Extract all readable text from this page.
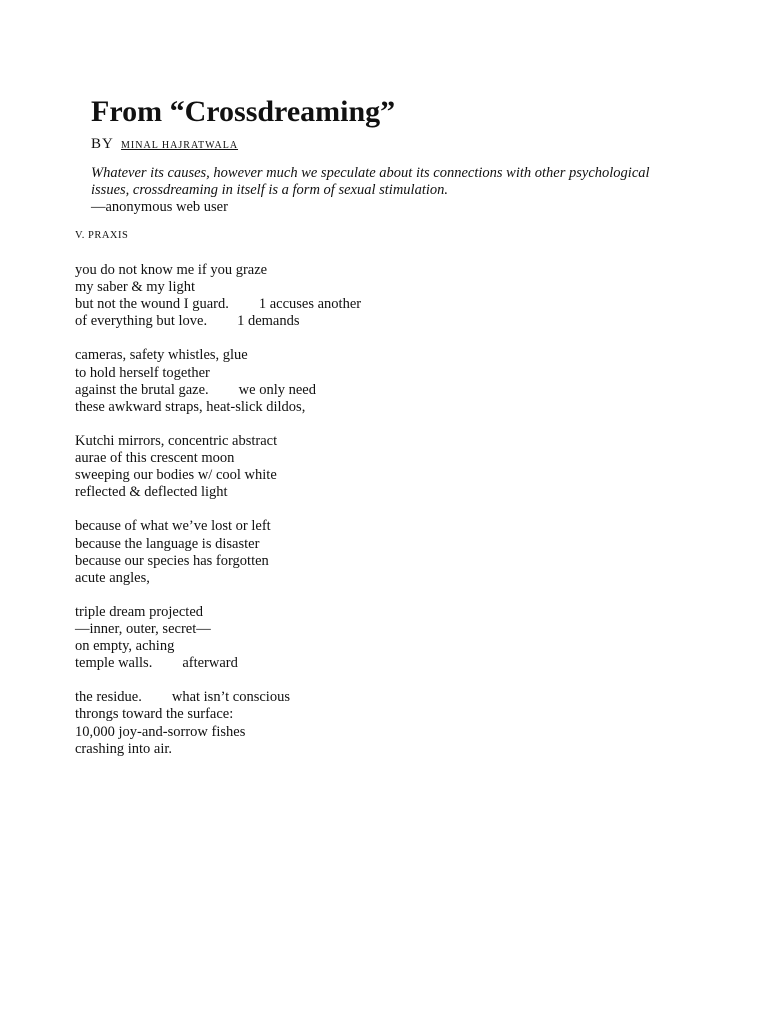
From “Crossdreaming”
BY MINAL HAJRATWALA
Whatever its causes, however much we speculate about its connections with other psychological
issues, crossdreaming in itself is a form of sexual stimulation.
—anonymous web user
V. PRAXIS
you do not know me if you graze
my saber & my light
but not the wound I guard. 1 accuses another
of everything but love. 1 demands
cameras, safety whistles, glue
to hold herself together
against the brutal gaze. we only need
these awkward straps, heat-slick dildos,
Kutchi mirrors, concentric abstract
aurae of this crescent moon
sweeping our bodies w/ cool white
reflected & deflected light
because of what we’ve lost or left
because the language is disaster
because our species has forgotten
acute angles,
triple dream projected
—inner, outer, secret—
on empty, aching
temple walls. afterward
the residue. what isn’t conscious
throngs toward the surface:
10,000 joy-and-sorrow fishes
crashing into air.
